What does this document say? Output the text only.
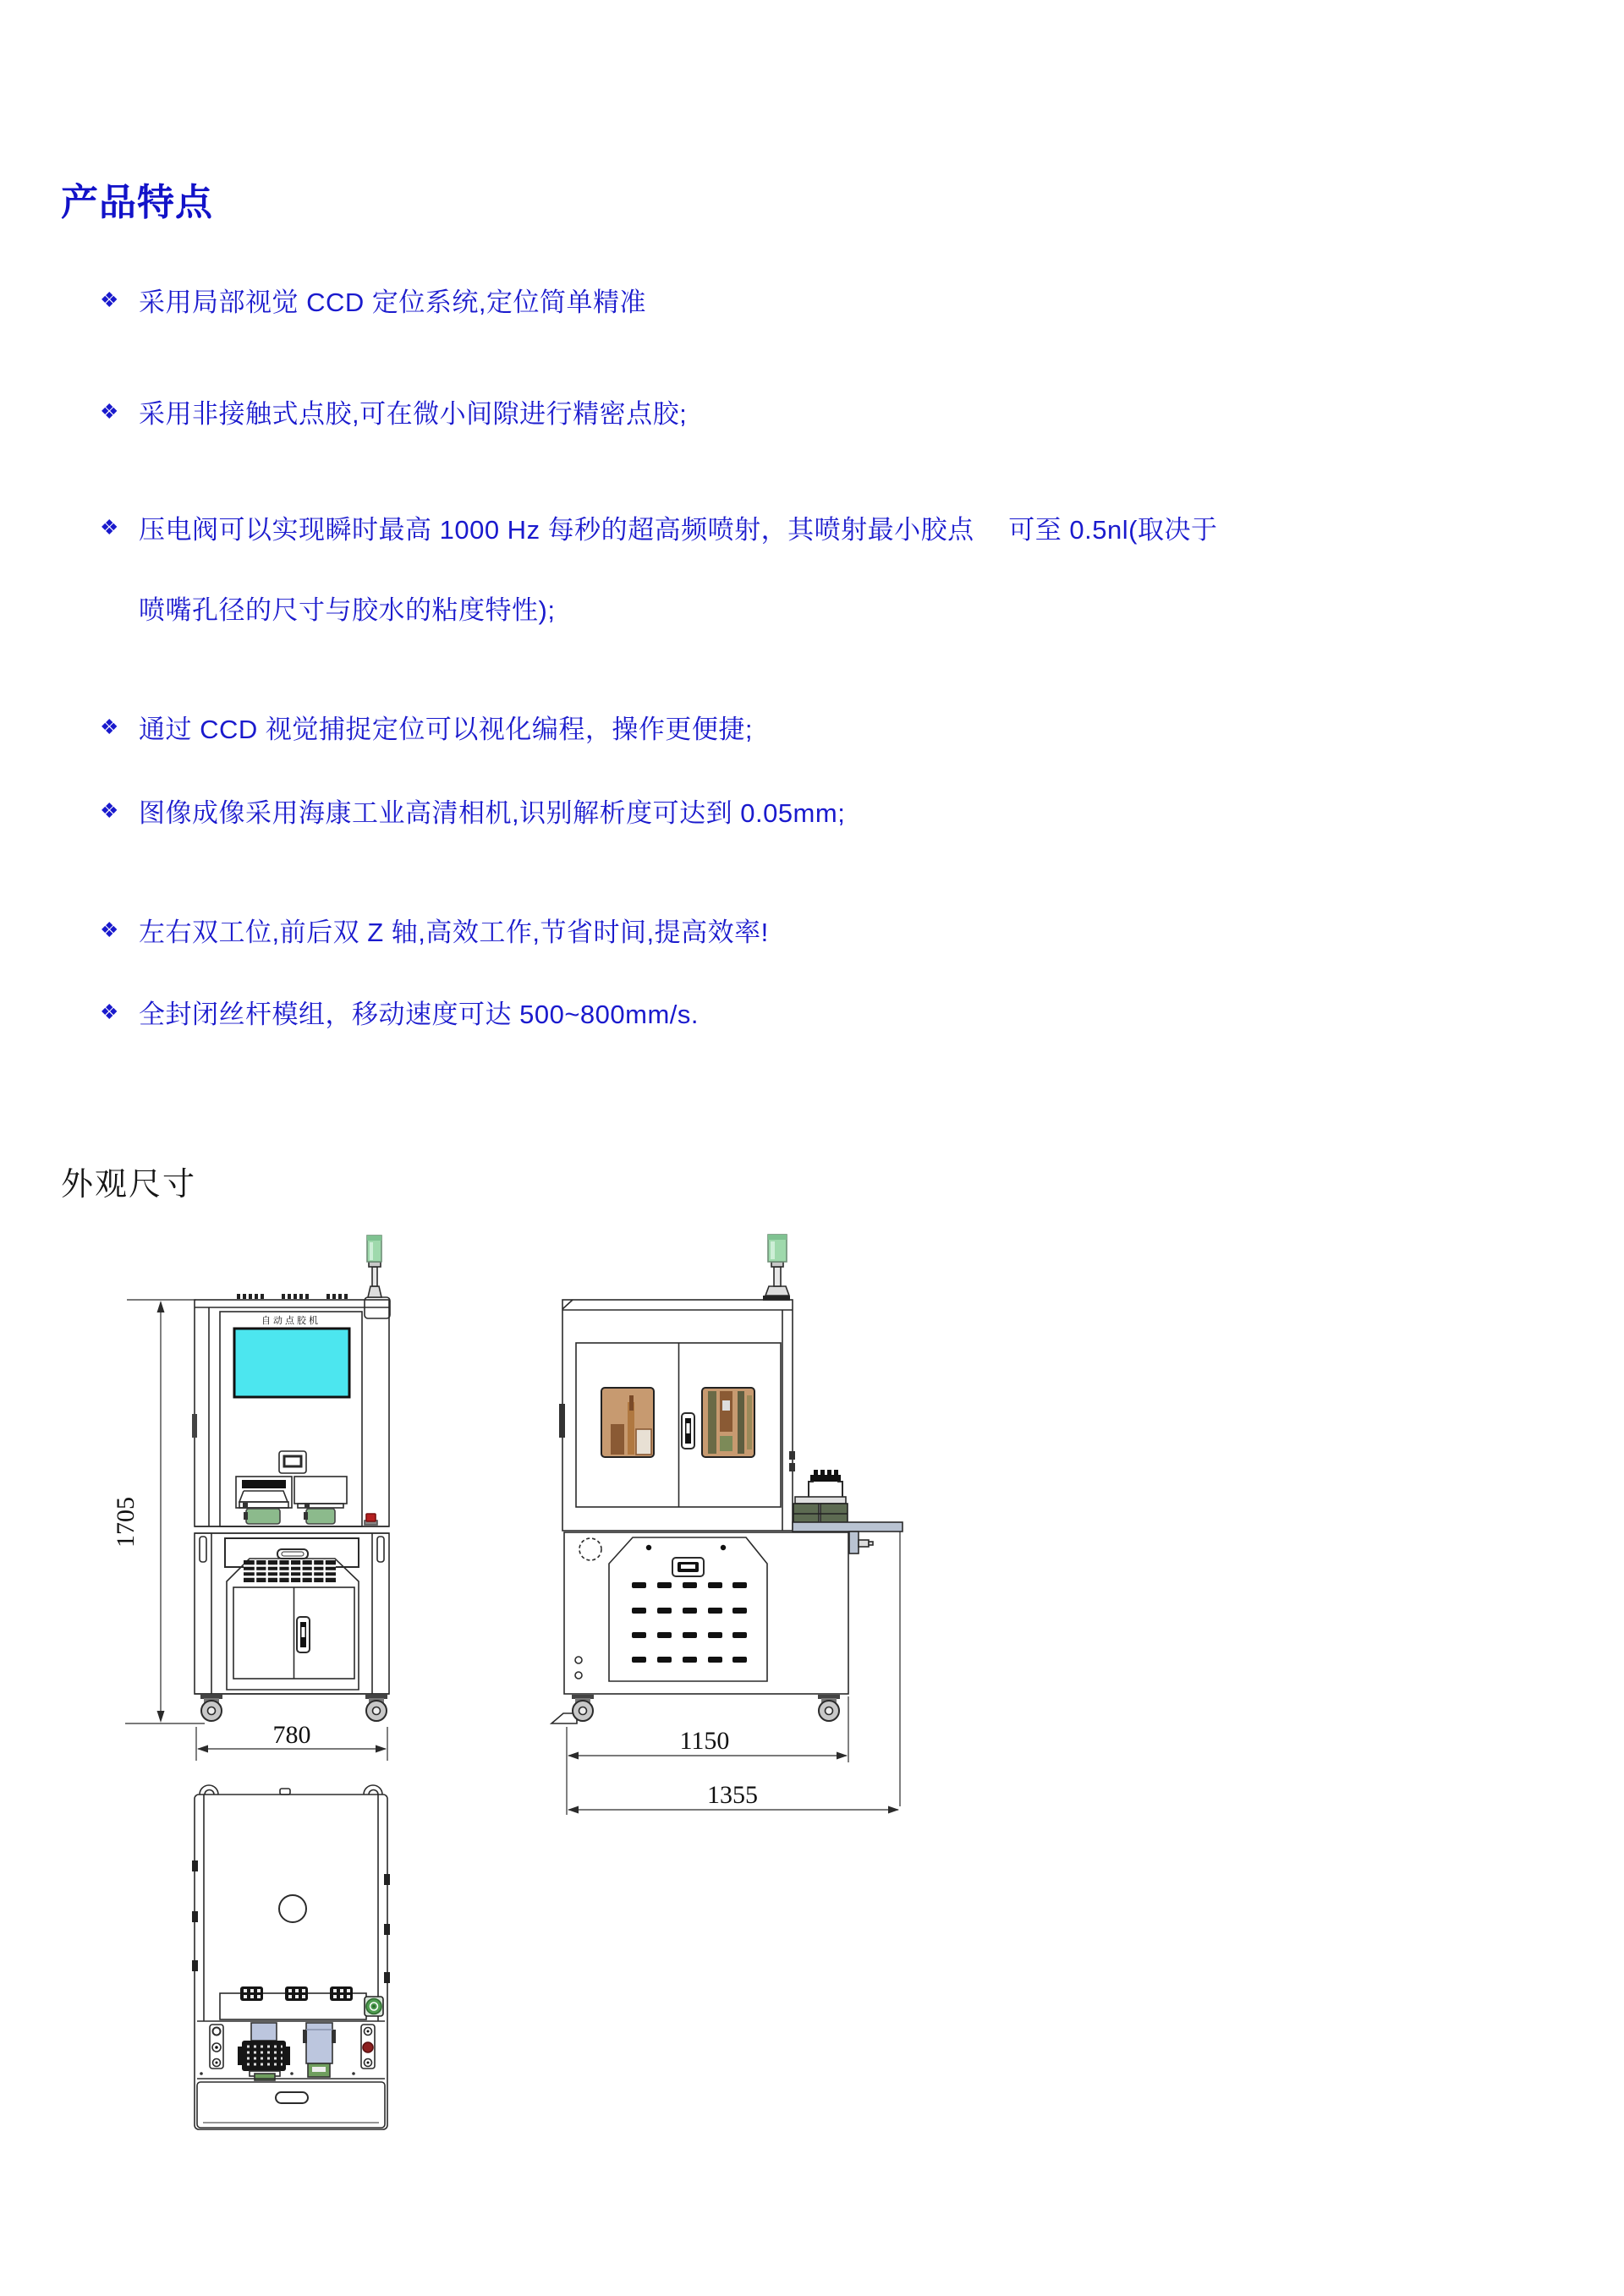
产品特点
❖ 采用局部视觉 CCD 定位系统,定位简单精准
❖ 采用非接触式点胶,可在微小间隙进行精密点胶;
❖ 压电阀可以实现瞬时最高 1000 Hz 每秒的超高频喷射，其喷射最小胶点　 可至 0.5nl(取决于
喷嘴孔径的尺寸与胶水的粘度特性);
❖ 通过 CCD 视觉捕捉定位可以视化编程，操作更便捷;
❖ 图像成像采用海康工业高清相机,识别解析度可达到 0.05mm;
❖ 左右双工位,前后双 Z 轴,高效工作,节省时间,提高效率!
❖ 全封闭丝杆模组，移动速度可达 500~800mm/s.
外观尺寸
1705
自动点胶机
780	1150
1355
